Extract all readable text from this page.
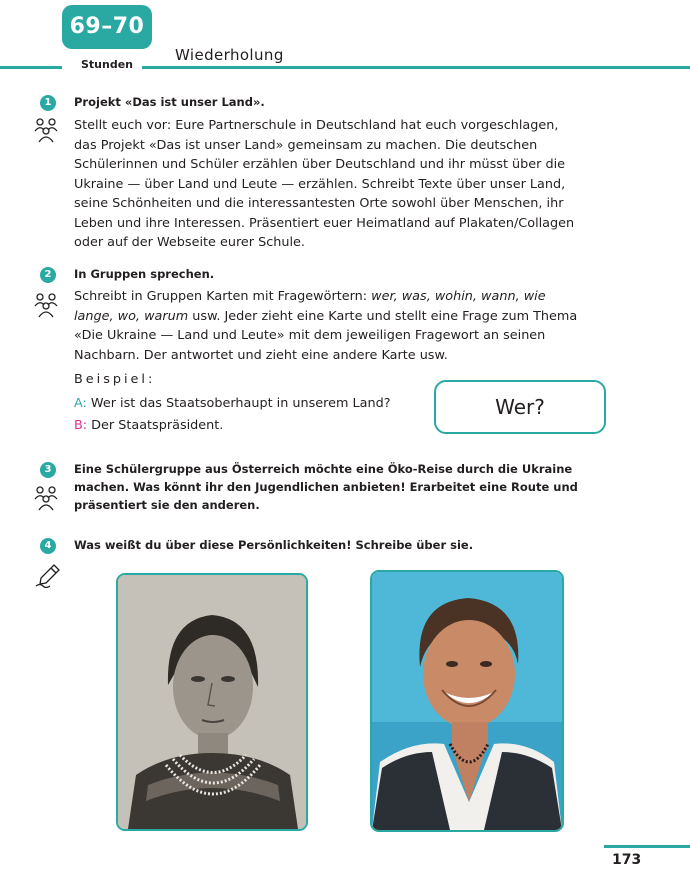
69–70
Stunden
Wiederholung
1	Projekt «Das ist unser Land».
Stellt euch vor: Eure Partnerschule in Deutschland hat euch vorgeschlagen,
das Projekt «Das ist unser Land» gemeinsam zu machen. Die deutschen
Schülerinnen und Schüler erzählen über Deutschland und ihr müsst über die
Ukraine — über Land und Leute — erzählen. Schreibt Texte über unser Land,
seine Schönheiten und die interessantesten Orte sowohl über Menschen, ihr
Leben und ihre Interessen. Präsentiert euer Heimatland auf Plakaten/Collagen
oder auf der Webseite eurer Schule.
2	In Gruppen sprechen.
Schreibt in Gruppen Karten mit Fragewörtern: wer, was, wohin, wann, wie
lange, wo, warum usw. Jeder zieht eine Karte und stellt eine Frage zum Thema
«Die Ukraine — Land und Leute» mit dem jeweiligen Fragewort an seinen
Nachbarn. Der antwortet und zieht eine andere Karte usw.
Beispiel:
A: Wer ist das Staatsoberhaupt in unserem Land?
B: Der Staatspräsident.
Wer?
3	Eine Schülergruppe aus Österreich möchte eine Öko-Reise durch die Ukraine
machen. Was könnt ihr den Jugendlichen anbieten! Erarbeitet eine Route und
präsentiert sie den anderen.
4	Was weißt du über diese Persönlichkeiten! Schreibe über sie.
173
